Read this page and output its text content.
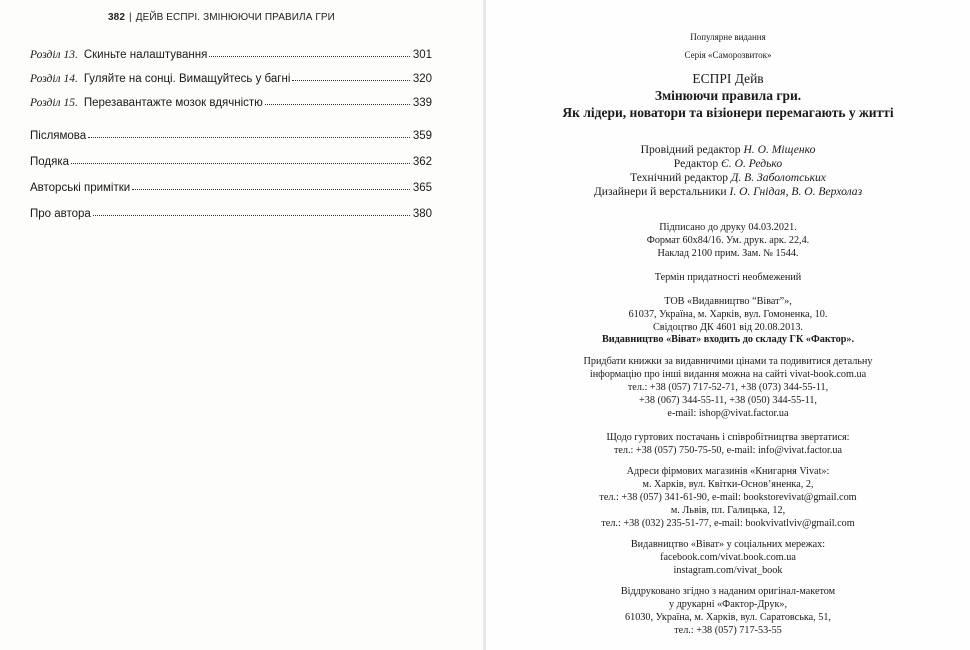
382 | ДЕЙВ ЕСПРІ. ЗМІНЮЮЧИ ПРАВИЛА ГРИ
Розділ 13. Скиньте налаштування	301
Розділ 14. Гуляйте на сонці. Вимащуйтесь у багні	320
Розділ 15. Перезавантажте мозок вдячністю	339
Післямова	359
Подяка	362
Авторські примітки	365
Про автора	380
Популярне видання
Серія «Саморозвиток»
ЕСПРІ Дейв
Змінюючи правила гри.
Як лідери, новатори та візіонери перемагають у житті
Провідний редактор Н. О. Міщенко
Редактор Є. О. Редько
Технічний редактор Д. В. Заболотських
Дизайнери й верстальники І. О. Гнідая, В. О. Верхолаз
Підписано до друку 04.03.2021.
Формат 60х84/16. Ум. друк. арк. 22,4.
Наклад 2100 прим. Зам. № 1544.
Термін придатності необмежений
ТОВ «Видавництво “Віват”»,
61037, Україна, м. Харків, вул. Гомоненка, 10.
Свідоцтво ДК 4601 від 20.08.2013.
Видавництво «Віват» входить до складу ГК «Фактор».
Придбати книжки за видавничими цінами та подивитися детальну
інформацію про інші видання можна на сайті vivat-book.com.ua
тел.: +38 (057) 717-52-71, +38 (073) 344-55-11,
+38 (067) 344-55-11, +38 (050) 344-55-11,
e-mail: ishop@vivat.factor.ua
Щодо гуртових постачань і співробітництва звертатися:
тел.: +38 (057) 750-75-50, e-mail: info@vivat.factor.ua
Адреси фірмових магазинів «Книгарня Vivat»:
м. Харків, вул. Квітки-Основ’яненка, 2,
тел.: +38 (057) 341-61-90, e-mail: bookstorevivat@gmail.com
м. Львів, пл. Галицька, 12,
тел.: +38 (032) 235-51-77, e-mail: bookvivatlviv@gmail.com
Видавництво «Віват» у соціальних мережах:
facebook.com/vivat.book.com.ua
instagram.com/vivat_book
Віддруковано згідно з наданим оригінал-макетом
у друкарні «Фактор-Друк»,
61030, Україна, м. Харків, вул. Саратовська, 51,
тел.: +38 (057) 717-53-55
